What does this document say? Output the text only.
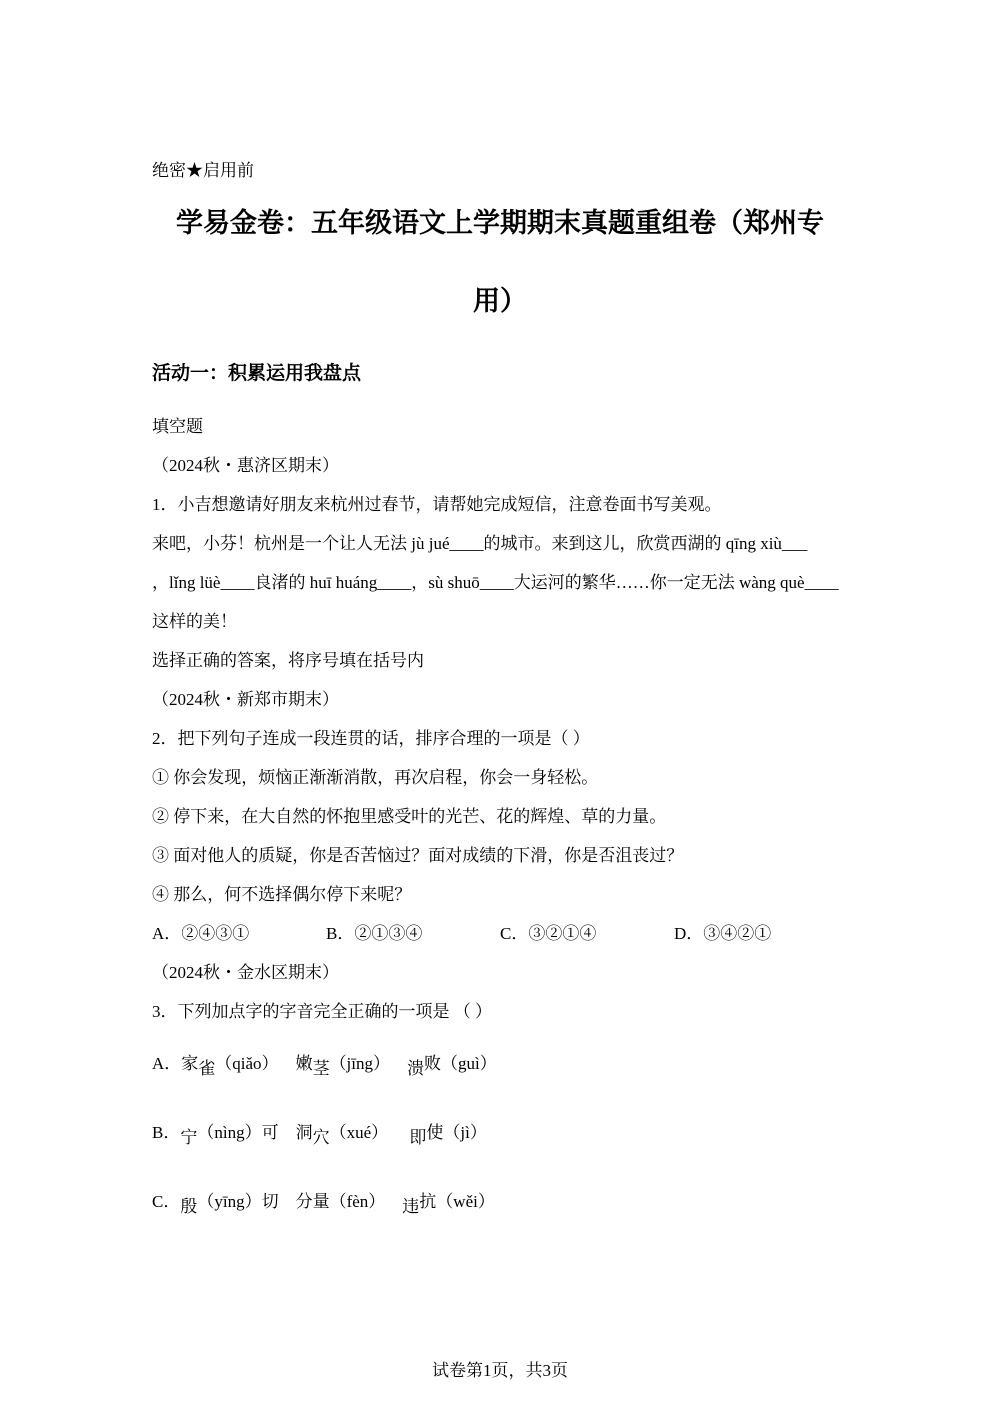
绝密★启用前
学易金卷：五年级语文上学期期末真题重组卷（郑州专
用）
活动一：积累运用我盘点
填空题
（2024秋・惠济区期末）
1．小吉想邀请好朋友来杭州过春节，请帮她完成短信，注意卷面书写美观。
来吧，小芬！杭州是一个让人无法 jù jué____的城市。来到这儿，欣赏西湖的 qīng xiù___
，lǐng lüè____良渚的 huī huáng____，sù shuō____大运河的繁华……你一定无法 wàng què____
这样的美！
选择正确的答案，将序号填在括号内
（2024秋・新郑市期末）
2．把下列句子连成一段连贯的话，排序合理的一项是（ ）
① 你会发现，烦恼正渐渐消散，再次启程，你会一身轻松。
② 停下来，在大自然的怀抱里感受叶的光芒、花的辉煌、草的力量。
③ 面对他人的质疑，你是否苦恼过？面对成绩的下滑，你是否沮丧过？
④ 那么，何不选择偶尔停下来呢？
A．②④③①	B．②①③④	C．③②①④	D．③④②①
（2024秋・金水区期末）
3．下列加点字的字音完全正确的一项是 （ ）
A．家雀（qiǎo） 嫩茎（jīng） 溃败（guì）
B．宁（nìng）可 洞穴（xué） 即使（jì）
C．殷（yīng）切 分量（fèn） 违抗（wěi）
试卷第1页，共3页
